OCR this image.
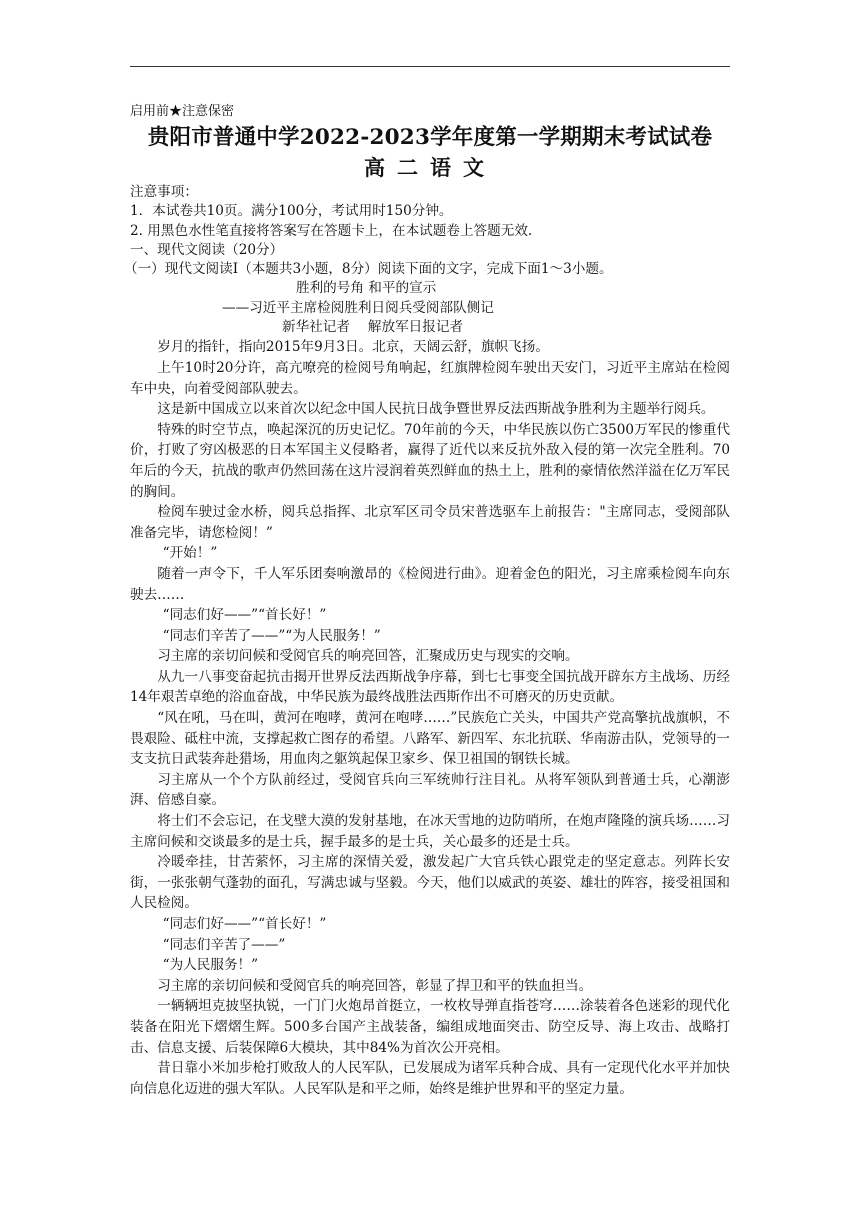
启用前★注意保密
贵阳市普通中学2022-2023学年度第一学期期末考试试卷
高二语文
注意事项：
1．本试卷共10页。满分100分，考试用时150分钟。
2. 用黑色水性笔直接将答案写在答题卡上，在本试题卷上答题无效.
一、现代文阅读（20分）
（一）现代文阅读Ⅰ（本题共3小题，8分）阅读下面的文字，完成下面1～3小题。
胜利的号角 和平的宣示
——习近平主席检阅胜利日阅兵受阅部队侧记
新华社记者　 解放军日报记者

岁月的指针，指向2015年9月3日。北京，天阔云舒，旗帜飞扬。

上午10时20分许，高亢嘹亮的检阅号角响起，红旗牌检阅车驶出天安门，习近平主席站在检阅车中央，向着受阅部队驶去。

这是新中国成立以来首次以纪念中国人民抗日战争暨世界反法西斯战争胜利为主题举行阅兵。

特殊的时空节点，唤起深沉的历史记忆。70年前的今天，中华民族以伤亡3500万军民的惨重代价，打败了穷凶极恶的日本军国主义侵略者，赢得了近代以来反抗外敌入侵的第一次完全胜利。70年后的今天，抗战的歌声仍然回荡在这片浸润着英烈鲜血的热土上，胜利的豪情依然洋溢在亿万军民的胸间。

检阅车驶过金水桥，阅兵总指挥、北京军区司令员宋普选驱车上前报告："主席同志，受阅部队准备完毕，请您检阅！”

“开始！”

随着一声令下，千人军乐团奏响激昂的《检阅进行曲》。迎着金色的阳光，习主席乘检阅车向东驶去……

“同志们好——”“首长好！”

“同志们辛苦了——”“为人民服务！”

习主席的亲切问候和受阅官兵的响亮回答，汇聚成历史与现实的交响。

从九一八事变奋起抗击揭开世界反法西斯战争序幕，到七七事变全国抗战开辟东方主战场、历经14年艰苦卓绝的浴血奋战，中华民族为最终战胜法西斯作出不可磨灭的历史贡献。

“风在吼，马在叫，黄河在咆哮，黄河在咆哮……”民族危亡关头，中国共产党高擎抗战旗帜，不畏艰险、砥柱中流，支撑起救亡图存的希望。八路军、新四军、东北抗联、华南游击队，党领导的一支支抗日武装奔赴猎场，用血肉之躯筑起保卫家乡、保卫祖国的钢铁长城。

习主席从一个个方队前经过，受阅官兵向三军统帅行注目礼。从将军领队到普通士兵，心潮澎湃、倍感自豪。

将士们不会忘记，在戈壁大漠的发射基地，在冰天雪地的边防哨所，在炮声隆隆的演兵场……习主席问候和交谈最多的是士兵，握手最多的是士兵，关心最多的还是士兵。

冷暖牵挂，甘苦萦怀，习主席的深情关爱，激发起广大官兵铁心跟党走的坚定意志。列阵长安街，一张张朝气蓬勃的面孔，写满忠诚与坚毅。今天，他们以威武的英姿、雄壮的阵容，接受祖国和人民检阅。

“同志们好——”“首长好！”

“同志们辛苦了——”

“为人民服务！”

习主席的亲切问候和受阅官兵的响亮回答，彰显了捍卫和平的铁血担当。

一辆辆坦克披坚执锐，一门门火炮昂首挺立，一枚枚导弹直指苍穹……涂装着各色迷彩的现代化装备在阳光下熠熠生辉。500多台国产主战装备，编组成地面突击、防空反导、海上攻击、战略打击、信息支援、后装保障6大模块，其中84%为首次公开亮相。

昔日靠小米加步枪打败敌人的人民军队，已发展成为诸军兵种合成、具有一定现代化水平并加快向信息化迈进的强大军队。人民军队是和平之师，始终是维护世界和平的坚定力量。
